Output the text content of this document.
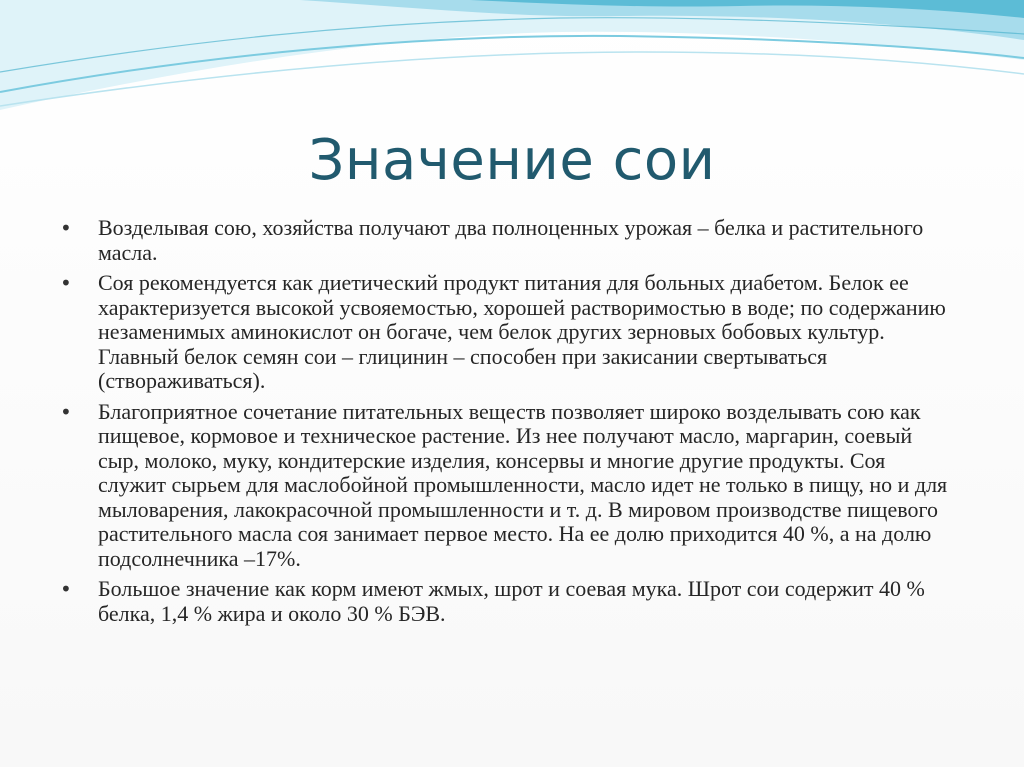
Значение сои
• Возделывая сою, хозяйства получают два полноценных урожая – белка и растительного масла.
• Соя рекомендуется как диетический продукт питания для больных диабетом. Белок ее характеризуется высокой усвояемостью, хорошей растворимостью в воде; по содержанию незаменимых аминокислот он богаче, чем белок других зерновых бобовых культур. Главный белок семян сои – глицинин – способен при закисании свертываться (створаживаться).
• Благоприятное сочетание питательных веществ позволяет широко возделывать сою как пищевое, кормовое и техническое растение. Из нее получают масло, маргарин, соевый сыр, молоко, муку, кондитерские изделия, консервы и многие другие продукты. Соя служит сырьем для маслобойной промышленности, масло идет не только в пищу, но и для мыловарения, лакокрасочной промышленности и т. д. В мировом производстве пищевого растительного масла соя занимает первое место. На ее долю приходится 40 %, а на долю подсолнечника –17%.
• Большое значение как корм имеют жмых, шрот и соевая мука. Шрот сои содержит 40 % белка, 1,4 % жира и около 30 % БЭВ.
